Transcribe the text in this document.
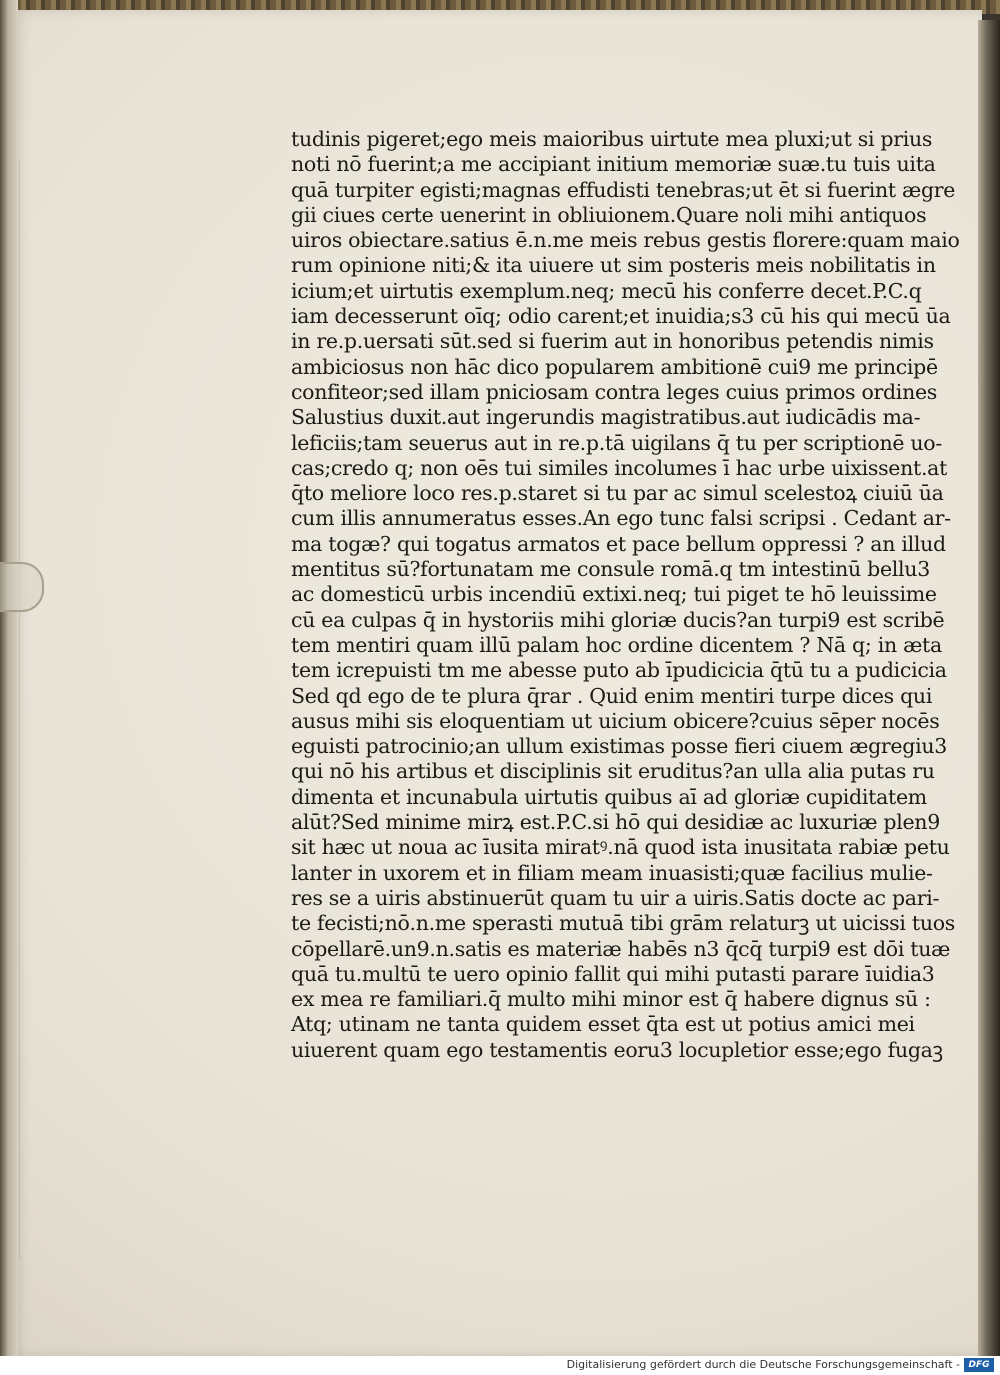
tudinis pigeret;ego meis maioribus uirtute mea pluxi;ut si prius
noti nō fuerint;a me accipiant initium memoriæ suæ.tu tuis uita
quā turpiter egisti;magnas effudisti tenebras;ut ēt si fuerint ægre
gii ciues certe uenerint in obliuionem.Quare noli mihi antiquos
uiros obiectare.satius ē.n.me meis rebus gestis florere:quam maio
rum opinione niti;& ita uiuere ut sim posteris meis nobilitatis in
icium;et uirtutis exemplum.neq; mecū his conferre decet.P.C.q
iam decesserunt oīq; odio carent;et inuidia;s3 cū his qui mecū ūa
in re.p.uersati sūt.sed si fuerim aut in honoribus petendis nimis
ambiciosus non hāc dico popularem ambitionē cui9 me principē
confiteor;sed illam pniciosam contra leges cuius primos ordines
Salustius duxit.aut ingerundis magistratibus.aut iudicādis ma-
leficiis;tam seuerus aut in re.p.tā uigilans q̄ tu per scriptionē uo-
cas;credo q; non oēs tui similes incolumes ī hac urbe uixissent.at
q̄to meliore loco res.p.staret si tu par ac simul scelestoꝝ ciuiū ūa
cum illis annumeratus esses.An ego tunc falsi scripsi . Cedant ar-
ma togæ? qui togatus armatos et pace bellum oppressi ? an illud
mentitus sū?fortunatam me consule romā.q tm intestinū bellu3
ac domesticū urbis incendiū extixi.neq; tui piget te hō leuissime
cū ea culpas q̄ in hystoriis mihi gloriæ ducis?an turpi9 est scribē
tem mentiri quam illū palam hoc ordine dicentem ? Nā q; in æta
tem icrepuisti tm me abesse puto ab īpudicicia q̄tū tu a pudicicia
Sed qd ego de te plura q̄rar . Quid enim mentiri turpe dices qui
ausus mihi sis eloquentiam ut uicium obicere?cuius sēper nocēs
eguisti patrocinio;an ullum existimas posse fieri ciuem ægregiu3
qui nō his artibus et disciplinis sit eruditus?an ulla alia putas ru
dimenta et incunabula uirtutis quibus aī ad gloriæ cupiditatem
alūt?Sed minime mirꝝ est.P.C.si hō qui desidiæ ac luxuriæ plen9
sit hæc ut noua ac īusita miratꝰ.nā quod ista inusitata rabiæ petu
lanter in uxorem et in filiam meam inuasisti;quæ facilius mulie-
res se a uiris abstinuerūt quam tu uir a uiris.Satis docte ac pari-
te fecisti;nō.n.me sperasti mutuā tibi grām relaturꝫ ut uicissi tuos
cōpellarē.un9.n.satis es materiæ habēs n3 q̄cq̄ turpi9 est dōi tuæ
quā tu.multū te uero opinio fallit qui mihi putasti parare īuidia3
ex mea re familiari.q̄ multo mihi minor est q̄ habere dignus sū :
Atq; utinam ne tanta quidem esset q̄ta est ut potius amici mei
uiuerent quam ego testamentis eoru3 locupletior esse;ego fugaꝫ
Digitalisierung gefördert durch die Deutsche Forschungsgemeinschaft - DFG
